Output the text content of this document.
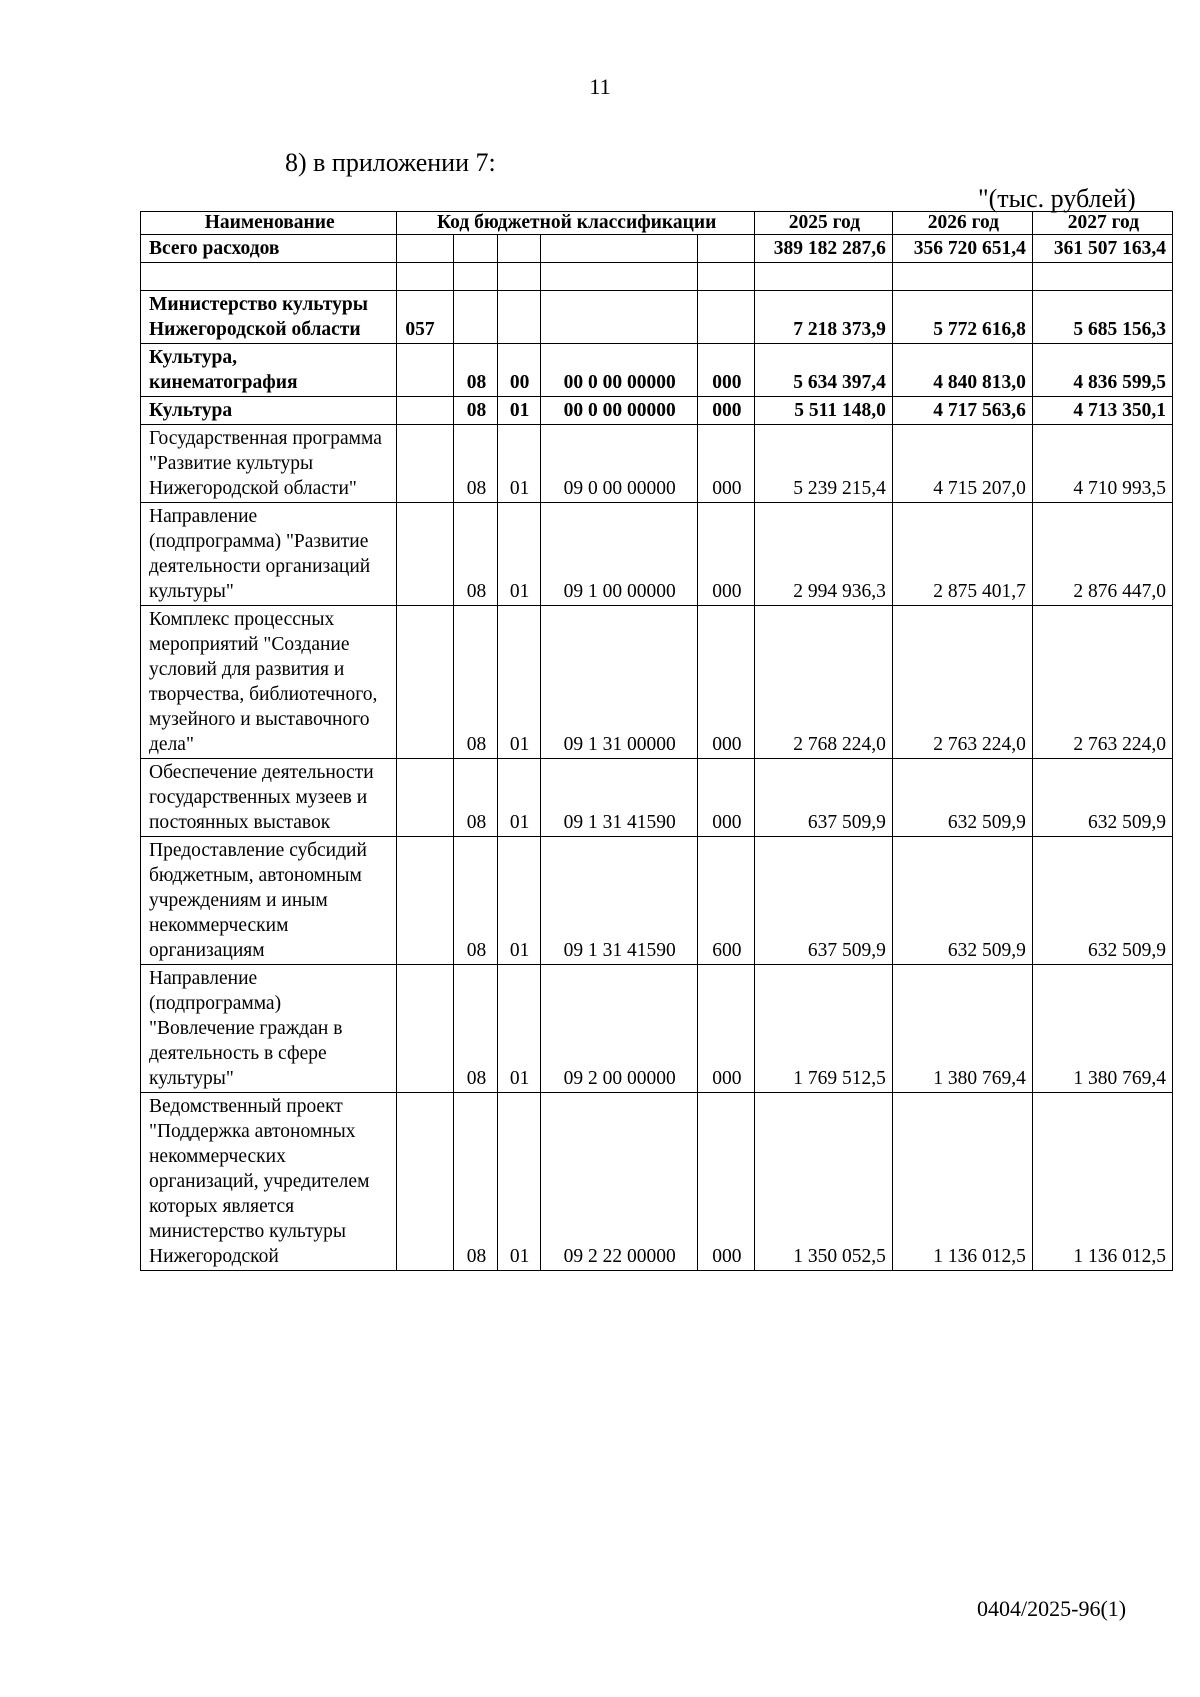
11
8) в приложении 7:
"(тыс. рублей)
Наименование	Код бюджетной классификации					2025 год	2026 год	2027 год
Всего расходов						389 182 287,6	356 720 651,4	361 507 163,4

Министерство культуры Нижегородской области	057					7 218 373,9	5 772 616,8	5 685 156,3
Культура, кинематография		08	00	00 0 00 00000	000	5 634 397,4	4 840 813,0	4 836 599,5
Культура		08	01	00 0 00 00000	000	5 511 148,0	4 717 563,6	4 713 350,1
Государственная программа "Развитие культуры Нижегородской области"		08	01	09 0 00 00000	000	5 239 215,4	4 715 207,0	4 710 993,5
Направление (подпрограмма) "Развитие деятельности организаций культуры"		08	01	09 1 00 00000	000	2 994 936,3	2 875 401,7	2 876 447,0
Комплекс процессных мероприятий "Создание условий для развития и творчества, библиотечного, музейного и выставочного дела"		08	01	09 1 31 00000	000	2 768 224,0	2 763 224,0	2 763 224,0
Обеспечение деятельности государственных музеев и постоянных выставок		08	01	09 1 31 41590	000	637 509,9	632 509,9	632 509,9
Предоставление субсидий бюджетным, автономным учреждениям и иным некоммерческим организациям		08	01	09 1 31 41590	600	637 509,9	632 509,9	632 509,9
Направление (подпрограмма) "Вовлечение граждан в деятельность в сфере культуры"		08	01	09 2 00 00000	000	1 769 512,5	1 380 769,4	1 380 769,4
Ведомственный проект "Поддержка автономных некоммерческих организаций, учредителем которых является министерство культуры Нижегородской		08	01	09 2 22 00000	000	1 350 052,5	1 136 012,5	1 136 012,5
0404/2025-96(1)
